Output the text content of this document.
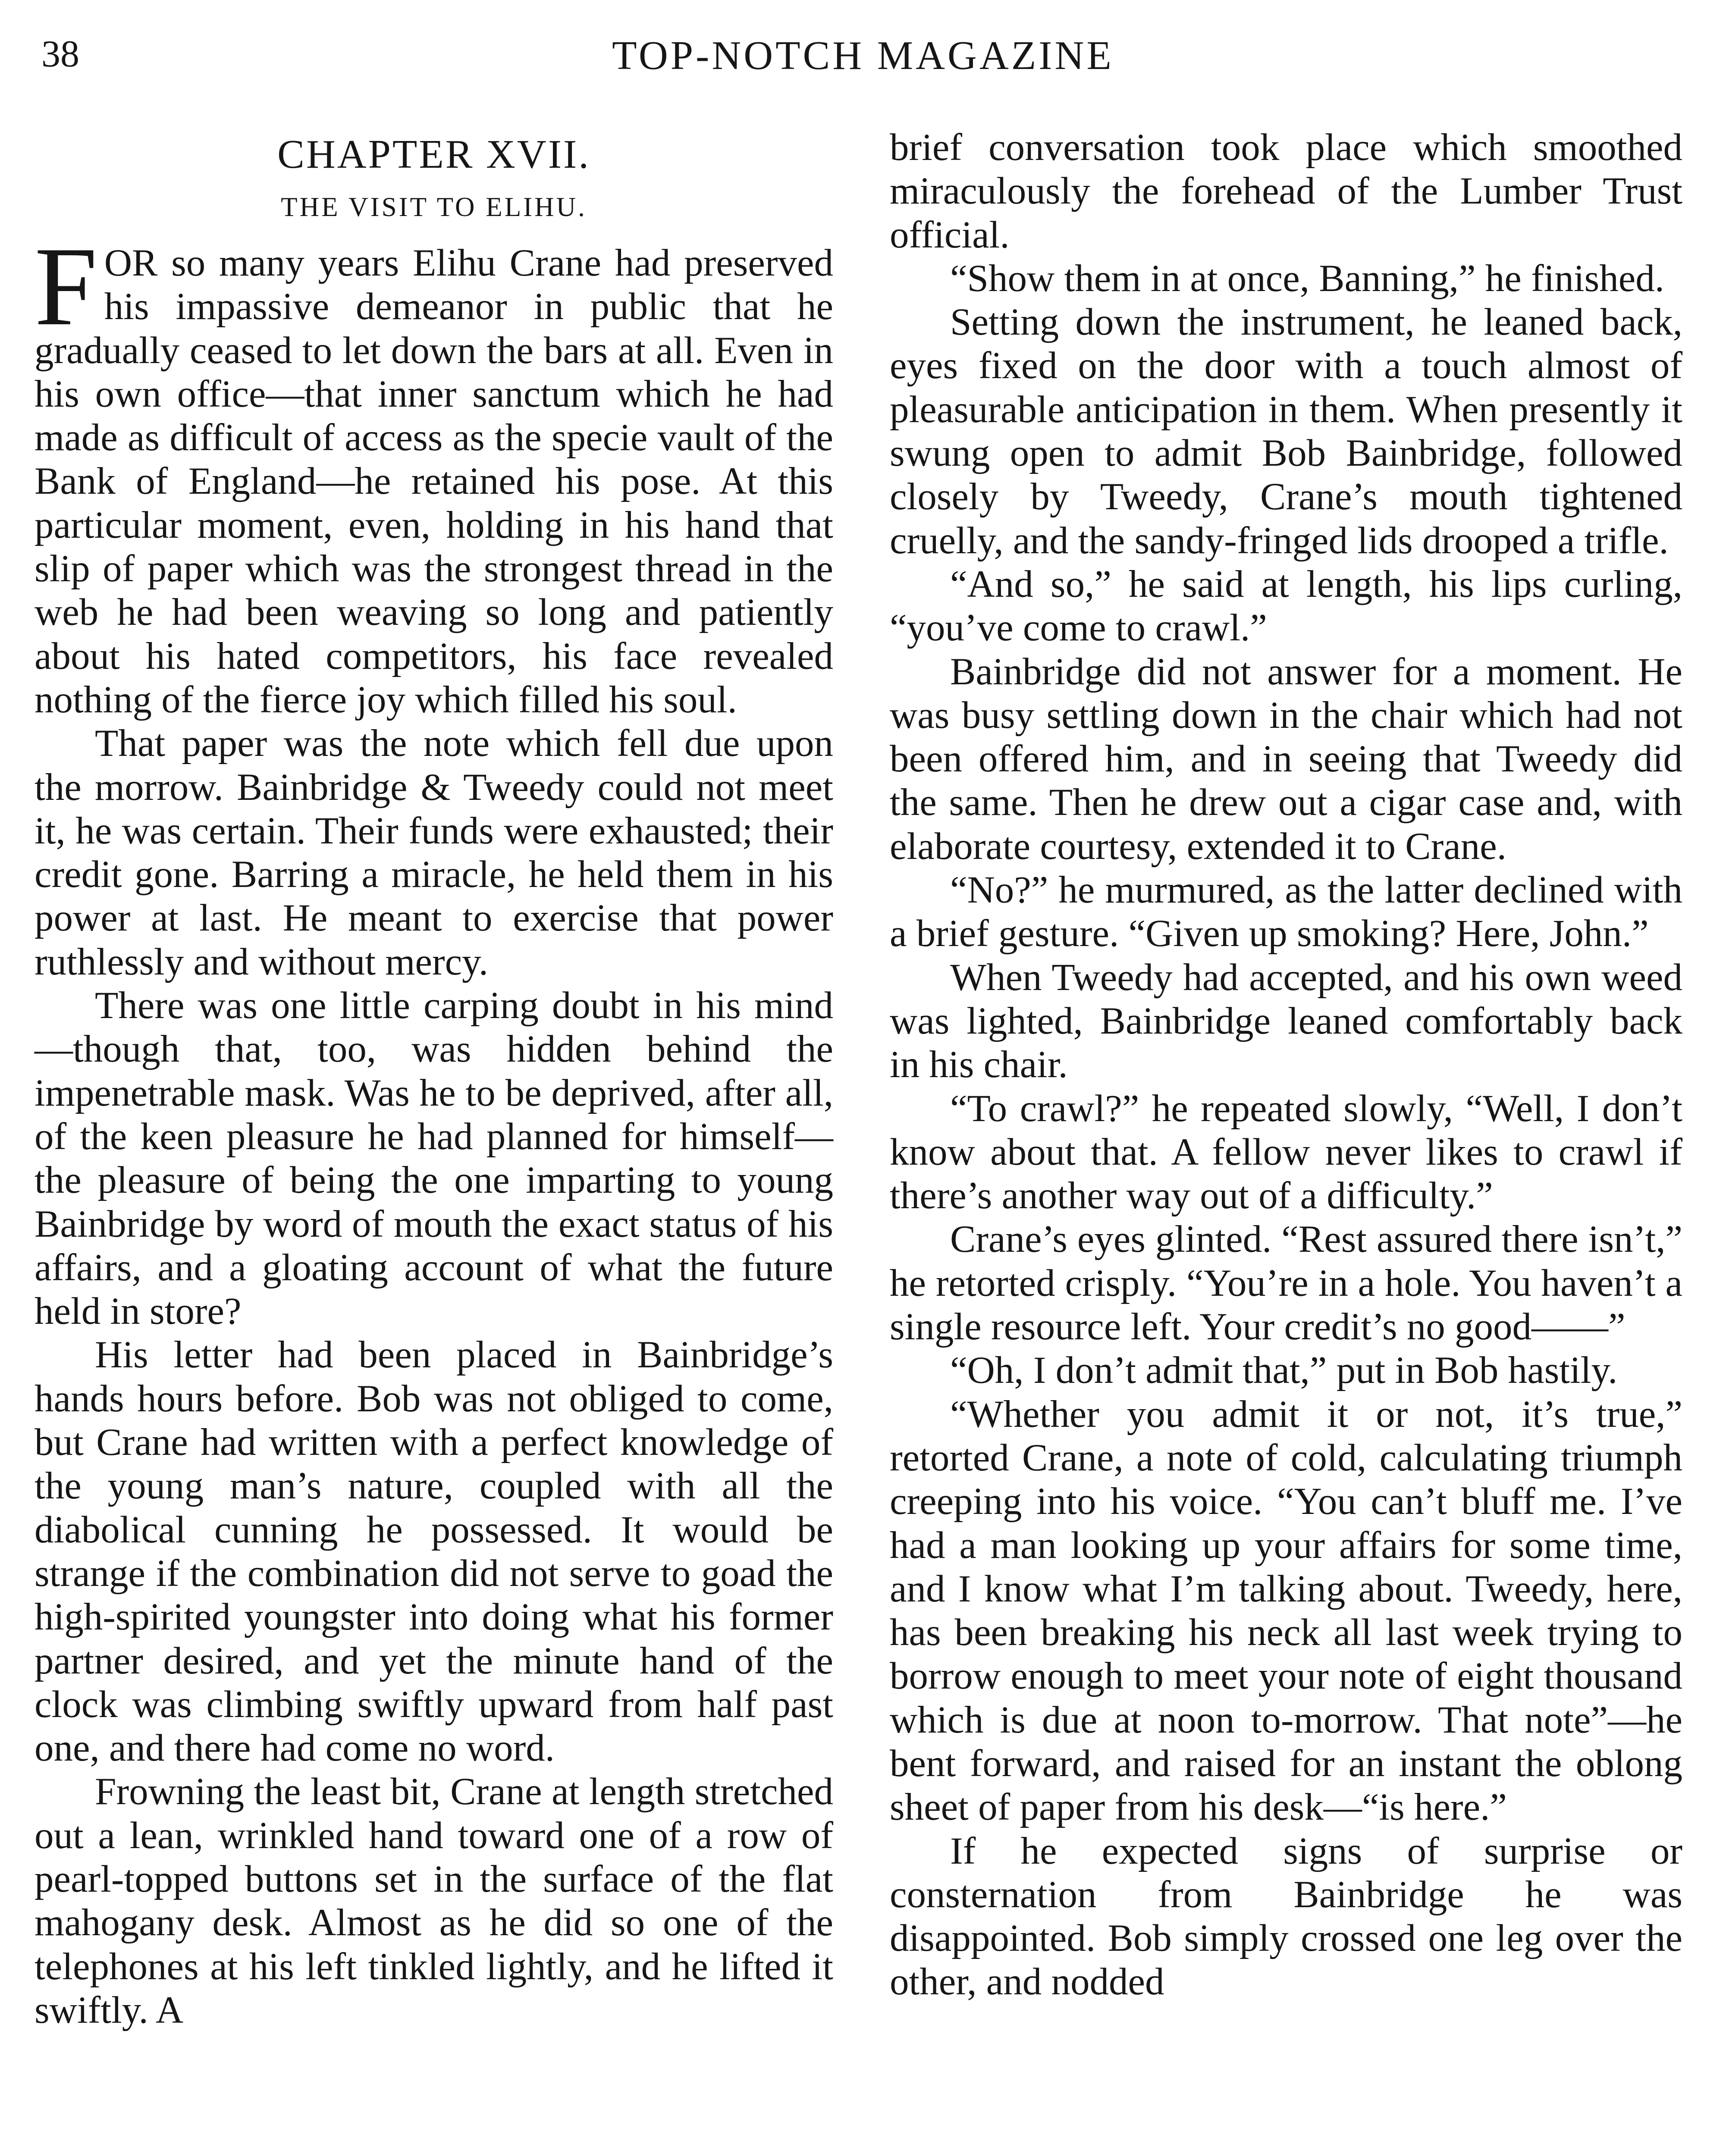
38	TOP-NOTCH MAGAZINE
CHAPTER XVII.
THE VISIT TO ELIHU.

FOR so many years Elihu Crane had preserved his impassive demeanor in public that he gradually ceased to let down the bars at all. Even in his own office—that inner sanctum which he had made as difficult of access as the specie vault of the Bank of England—he retained his pose. At this particular moment, even, holding in his hand that slip of paper which was the strongest thread in the web he had been weaving so long and patiently about his hated competitors, his face revealed nothing of the fierce joy which filled his soul.

That paper was the note which fell due upon the morrow. Bainbridge & Tweedy could not meet it, he was certain. Their funds were exhausted; their credit gone. Barring a miracle, he held them in his power at last. He meant to exercise that power ruthlessly and without mercy.

There was one little carping doubt in his mind—though that, too, was hidden behind the impenetrable mask. Was he to be deprived, after all, of the keen pleasure he had planned for himself— the pleasure of being the one imparting to young Bainbridge by word of mouth the exact status of his affairs, and a gloating account of what the future held in store?

His letter had been placed in Bainbridge’s hands hours before. Bob was not obliged to come, but Crane had written with a perfect knowledge of the young man’s nature, coupled with all the diabolical cunning he possessed. It would be strange if the combination did not serve to goad the high-spirited youngster into doing what his former partner desired, and yet the minute hand of the clock was climbing swiftly upward from half past one, and there had come no word.

Frowning the least bit, Crane at length stretched out a lean, wrinkled hand toward one of a row of pearl-topped buttons set in the surface of the flat mahogany desk. Almost as he did so one of the telephones at his left tinkled lightly, and he lifted it swiftly. A

brief conversation took place which smoothed miraculously the forehead of the Lumber Trust official.

“Show them in at once, Banning,” he finished.

Setting down the instrument, he leaned back, eyes fixed on the door with a touch almost of pleasurable anticipation in them. When presently it swung open to admit Bob Bainbridge, followed closely by Tweedy, Crane’s mouth tightened cruelly, and the sandy-fringed lids drooped a trifle.

“And so,” he said at length, his lips curling, “you’ve come to crawl.”

Bainbridge did not answer for a moment. He was busy settling down in the chair which had not been offered him, and in seeing that Tweedy did the same. Then he drew out a cigar case and, with elaborate courtesy, extended it to Crane.

“No?” he murmured, as the latter declined with a brief gesture. “Given up smoking? Here, John.”

When Tweedy had accepted, and his own weed was lighted, Bainbridge leaned comfortably back in his chair.

“To crawl?” he repeated slowly, “Well, I don’t know about that. A fellow never likes to crawl if there’s another way out of a difficulty.”

Crane’s eyes glinted. “Rest assured there isn’t,” he retorted crisply. “You’re in a hole. You haven’t a single resource left. Your credit’s no good——”

“Oh, I don’t admit that,” put in Bob hastily.

“Whether you admit it or not, it’s true,” retorted Crane, a note of cold, calculating triumph creeping into his voice. “You can’t bluff me. I’ve had a man looking up your affairs for some time, and I know what I’m talking about. Tweedy, here, has been breaking his neck all last week trying to borrow enough to meet your note of eight thousand which is due at noon to-morrow. That note”—he bent forward, and raised for an instant the oblong sheet of paper from his desk—“is here.”

If he expected signs of surprise or consternation from Bainbridge he was disappointed. Bob simply crossed one leg over the other, and nodded
